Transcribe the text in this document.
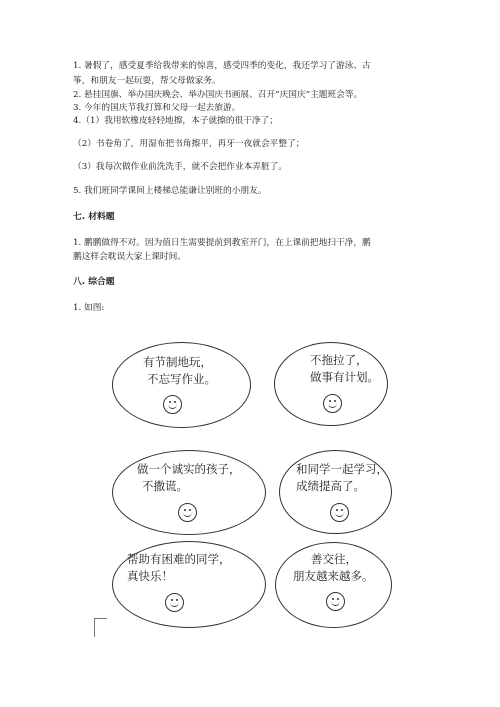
1. 暑假了，感受夏季给我带来的惊喜，感受四季的变化，我还学习了游泳、古
筝，和朋友一起玩耍，帮父母做家务。
2. 悬挂国旗、举办国庆晚会、举办国庆书画展、召开“庆国庆”主题班会等。
3. 今年的国庆节我打算和父母一起去旅游。
4.（1）我用软橡皮轻轻地擦，本子就擦的很干净了；
（2）书卷角了，用湿布把书角擦平，再牙一夜就会平整了；
（3）我每次做作业前洗洗手，就不会把作业本弄脏了。
5. 我们班同学课间上楼梯总能谦让别班的小朋友。
七. 材料题
1. 鹏鹏做得不对。因为值日生需要提前到教室开门，在上课前把地扫干净，鹏
鹏这样会耽误大家上课时间。
八. 综合题
1. 如图:
有节制地玩，
不忘写作业。
不拖拉了，
做事有计划。
做一个诚实的孩子，
不撒谎。
和同学一起学习，
成绩提高了。
帮助有困难的同学，
真快乐！
善交往，
朋友越来越多。
